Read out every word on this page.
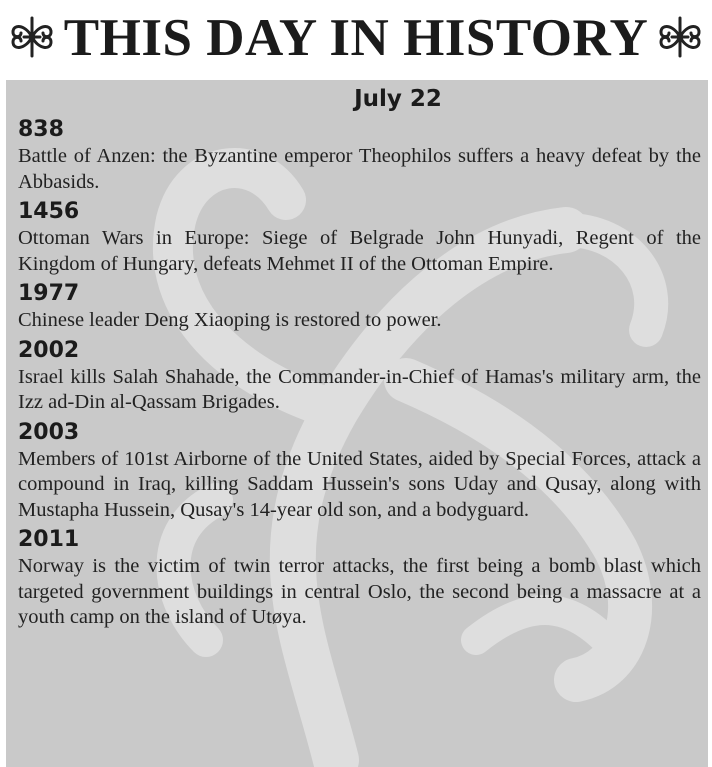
THIS DAY IN HISTORY
July 22
838
Battle of Anzen: the Byzantine emperor Theophilos suffers a heavy defeat by the Abbasids.
1456
Ottoman Wars in Europe: Siege of Belgrade John Hunyadi, Regent of the Kingdom of Hungary, defeats Mehmet II of the Ottoman Empire.
1977
Chinese leader Deng Xiaoping is restored to power.
2002
Israel kills Salah Shahade, the Commander-in-Chief of Hamas's military arm, the Izz ad-Din al-Qassam Brigades.
2003
Members of 101st Airborne of the United States, aided by Special Forces, attack a compound in Iraq, killing Saddam Hussein's sons Uday and Qusay, along with Mustapha Hussein, Qusay's 14-year old son, and a bodyguard.
2011
Norway is the victim of twin terror attacks, the first being a bomb blast which targeted government buildings in central Oslo, the second being a massacre at a youth camp on the island of Utøya.
